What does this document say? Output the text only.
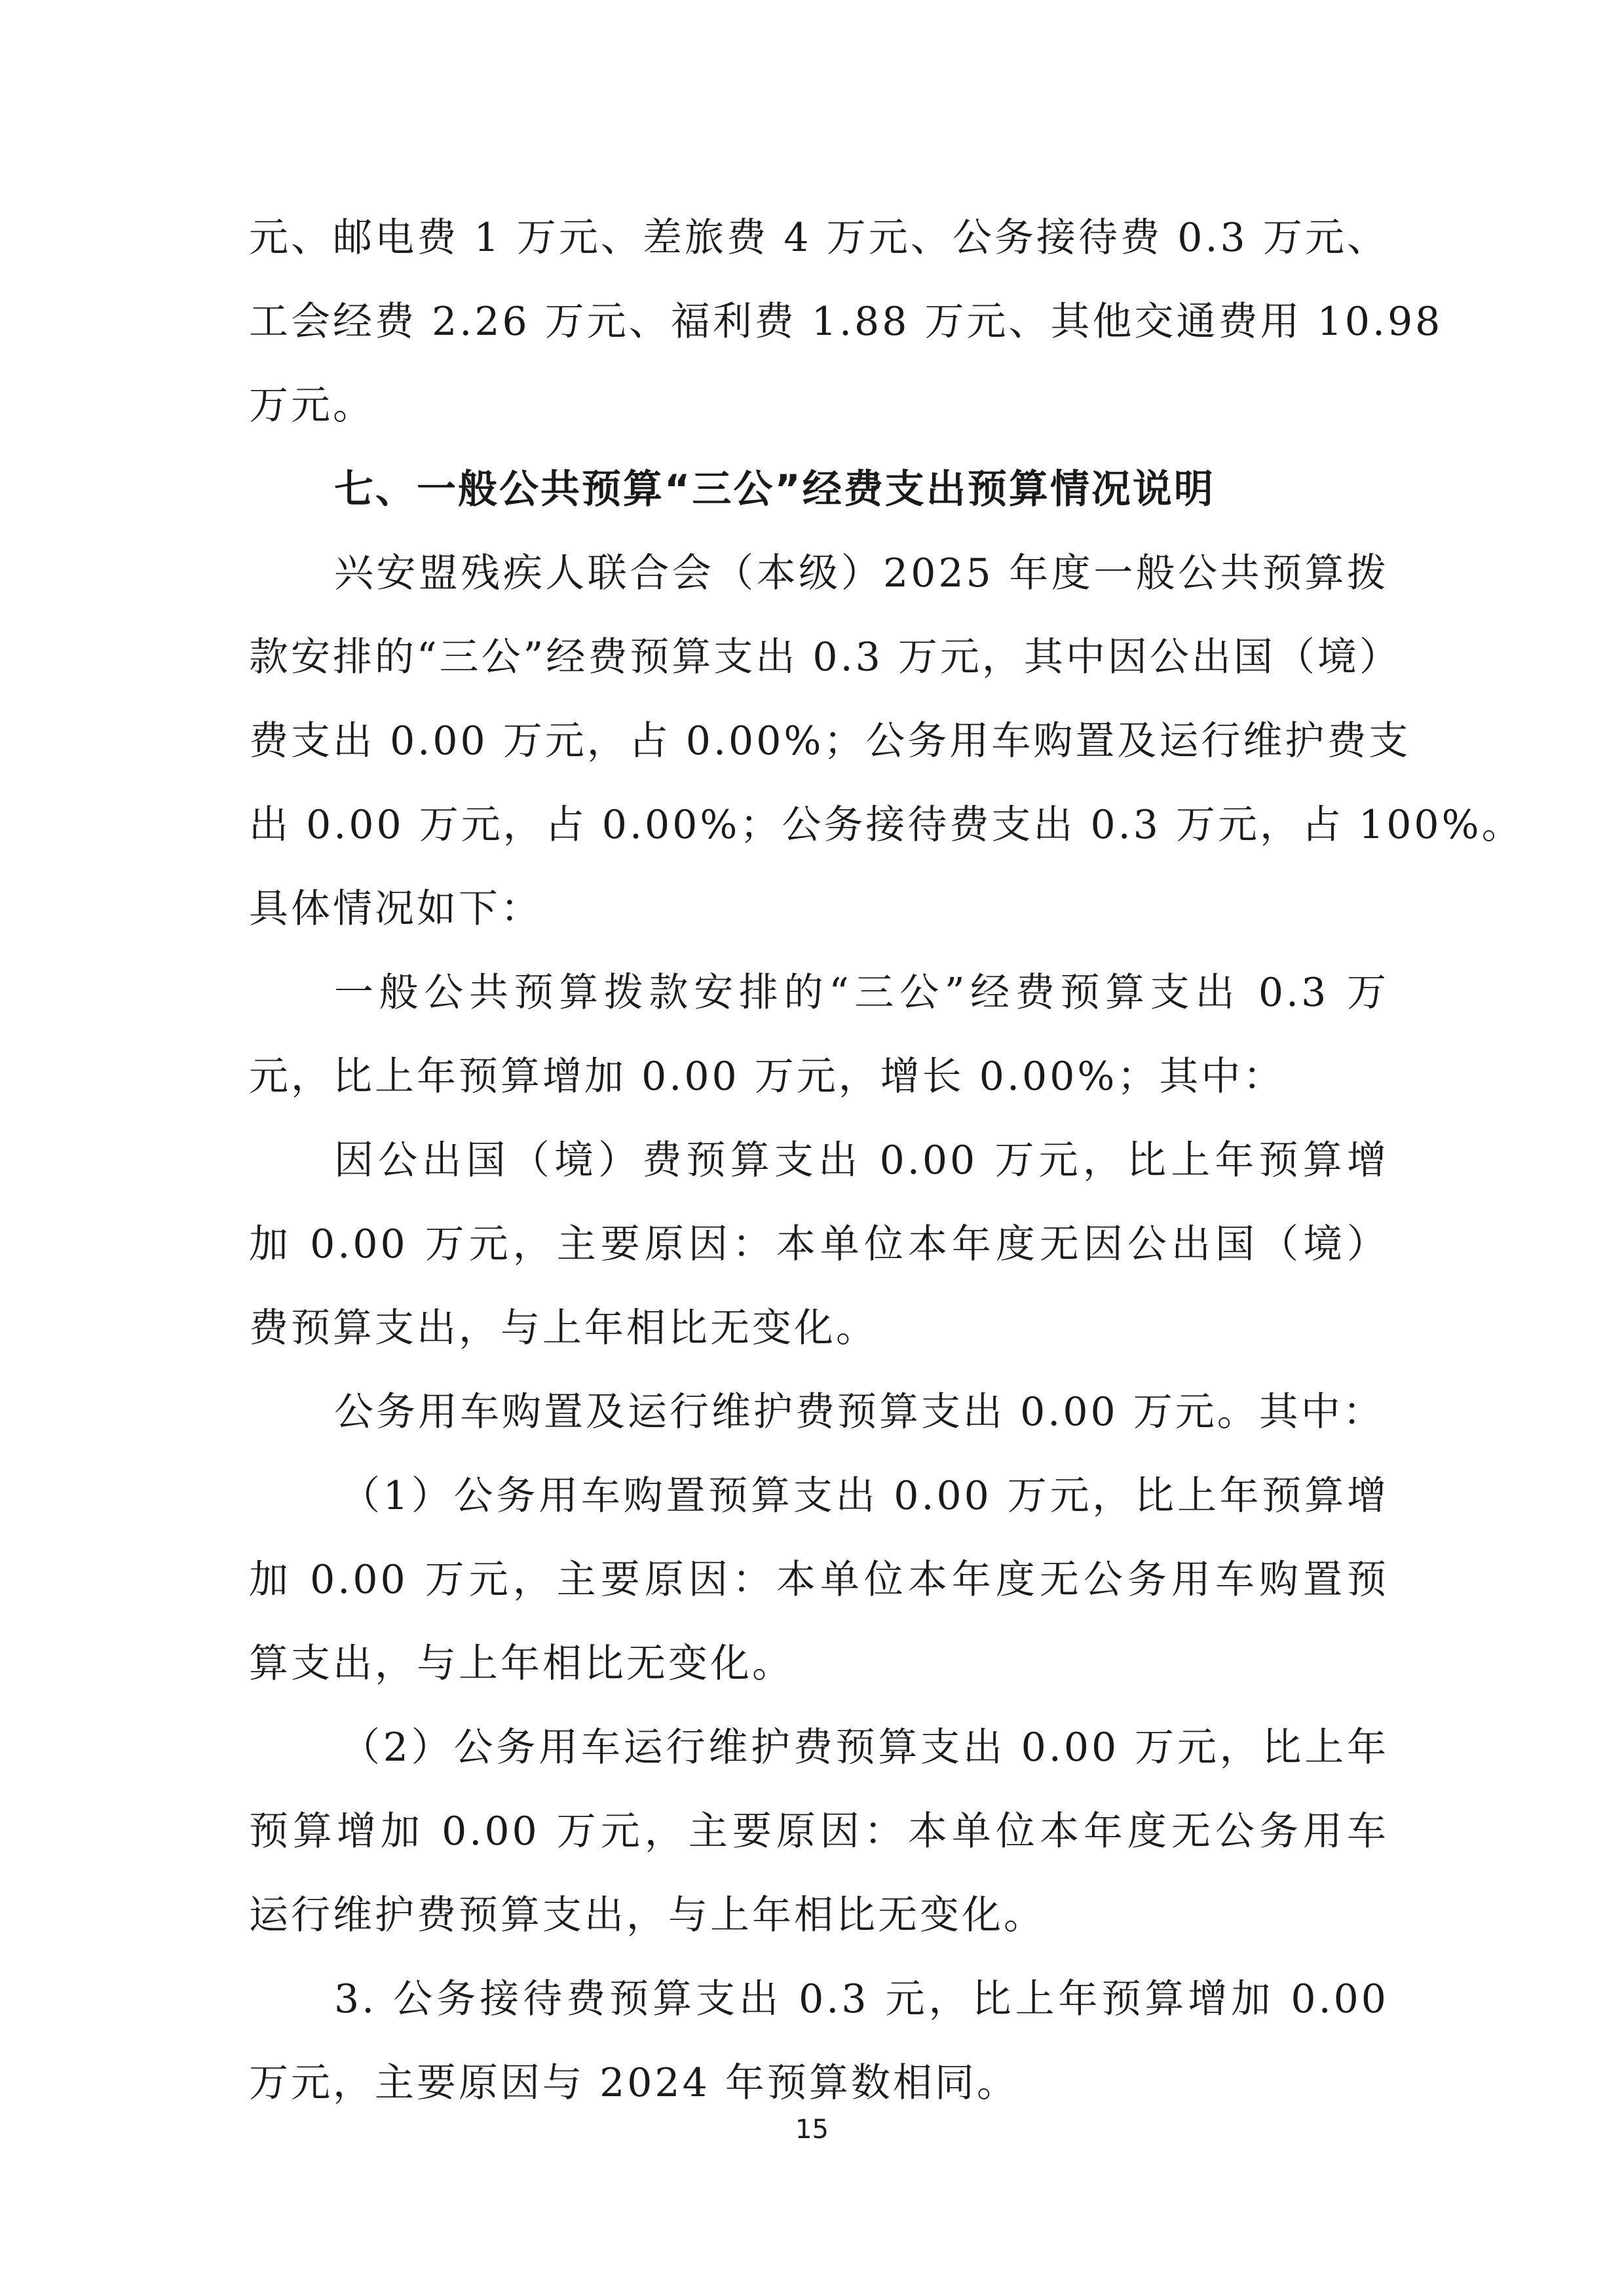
元、邮电费 1 万元、差旅费 4 万元、公务接待费 0.3 万元、
工会经费 2.26 万元、福利费 1.88 万元、其他交通费用 10.98
万元。
七、一般公共预算“三公”经费支出预算情况说明
兴安盟残疾人联合会（本级）2025 年度一般公共预算拨
款安排的“三公”经费预算支出 0.3 万元，其中因公出国（境）
费支出 0.00 万元，占 0.00%；公务用车购置及运行维护费支
出 0.00 万元，占 0.00%；公务接待费支出 0.3 万元，占 100%。
具体情况如下：
一般公共预算拨款安排的“三公”经费预算支出 0.3 万
元，比上年预算增加 0.00 万元，增长 0.00%；其中：
因公出国（境）费预算支出 0.00 万元，比上年预算增
加 0.00 万元，主要原因：本单位本年度无因公出国（境）
费预算支出，与上年相比无变化。
公务用车购置及运行维护费预算支出 0.00 万元。其中：
（1）公务用车购置预算支出 0.00 万元，比上年预算增
加 0.00 万元，主要原因：本单位本年度无公务用车购置预
算支出，与上年相比无变化。
（2）公务用车运行维护费预算支出 0.00 万元，比上年
预算增加 0.00 万元，主要原因：本单位本年度无公务用车
运行维护费预算支出，与上年相比无变化。
3. 公务接待费预算支出 0.3 元，比上年预算增加 0.00
万元，主要原因与 2024 年预算数相同。
15
